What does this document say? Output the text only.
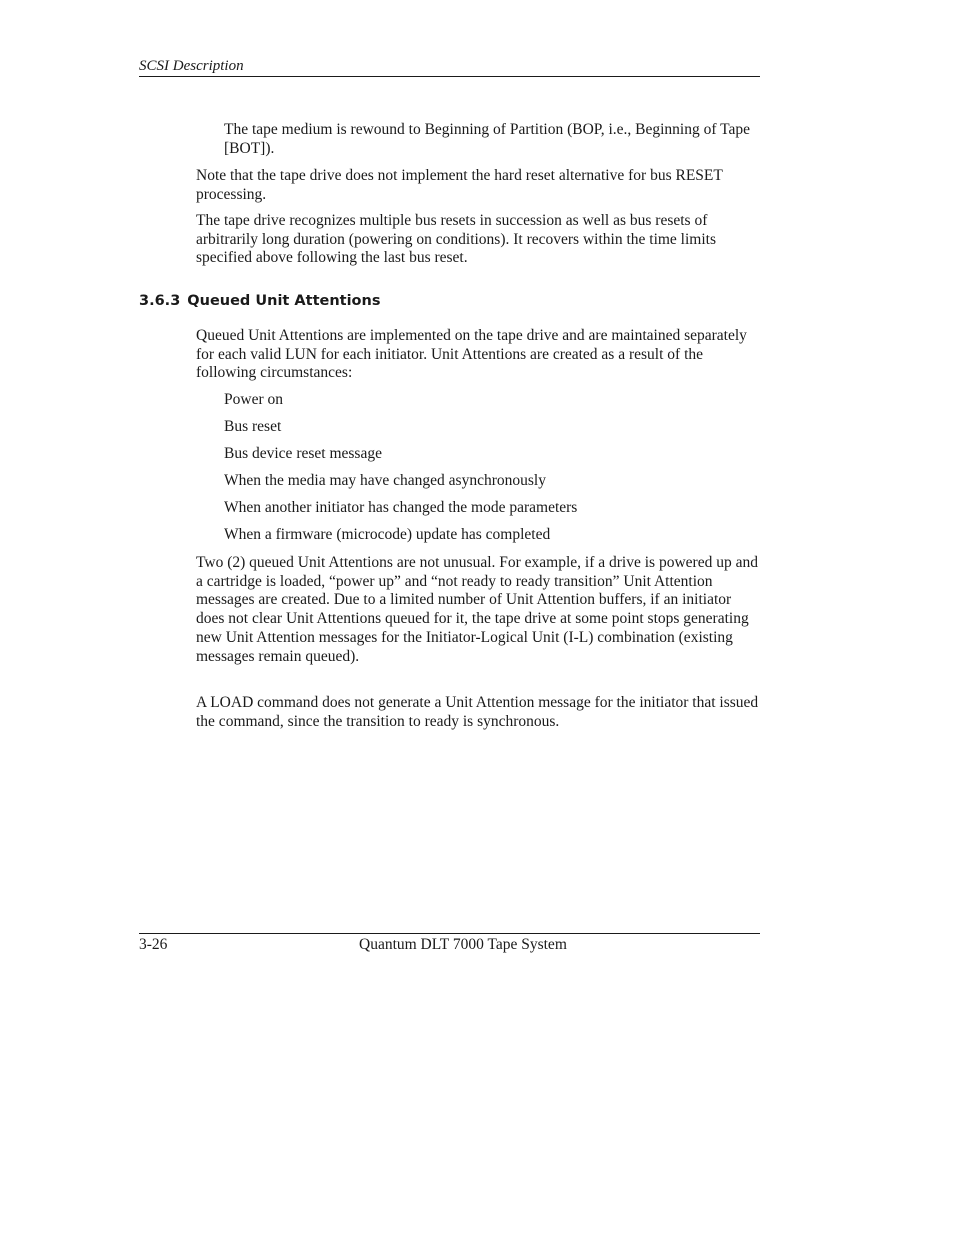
SCSI Description

The tape medium is rewound to Beginning of Partition (BOP, i.e., Beginning of Tape [BOT]).

Note that the tape drive does not implement the hard reset alternative for bus RESET processing.

The tape drive recognizes multiple bus resets in succession as well as bus resets of arbitrarily long duration (powering on conditions). It recovers within the time limits specified above following the last bus reset.

3.6.3 Queued Unit Attentions

Queued Unit Attentions are implemented on the tape drive and are maintained separately for each valid LUN for each initiator. Unit Attentions are created as a result of the following circumstances:

Power on
Bus reset
Bus device reset message
When the media may have changed asynchronously
When another initiator has changed the mode parameters
When a firmware (microcode) update has completed

Two (2) queued Unit Attentions are not unusual. For example, if a drive is powered up and a cartridge is loaded, “power up” and “not ready to ready transition” Unit Attention messages are created. Due to a limited number of Unit Attention buffers, if an initiator does not clear Unit Attentions queued for it, the tape drive at some point stops generating new Unit Attention messages for the Initiator-Logical Unit (I-L) combination (existing messages remain queued).

A LOAD command does not generate a Unit Attention message for the initiator that issued the command, since the transition to ready is synchronous.

3-26	Quantum DLT 7000 Tape System
